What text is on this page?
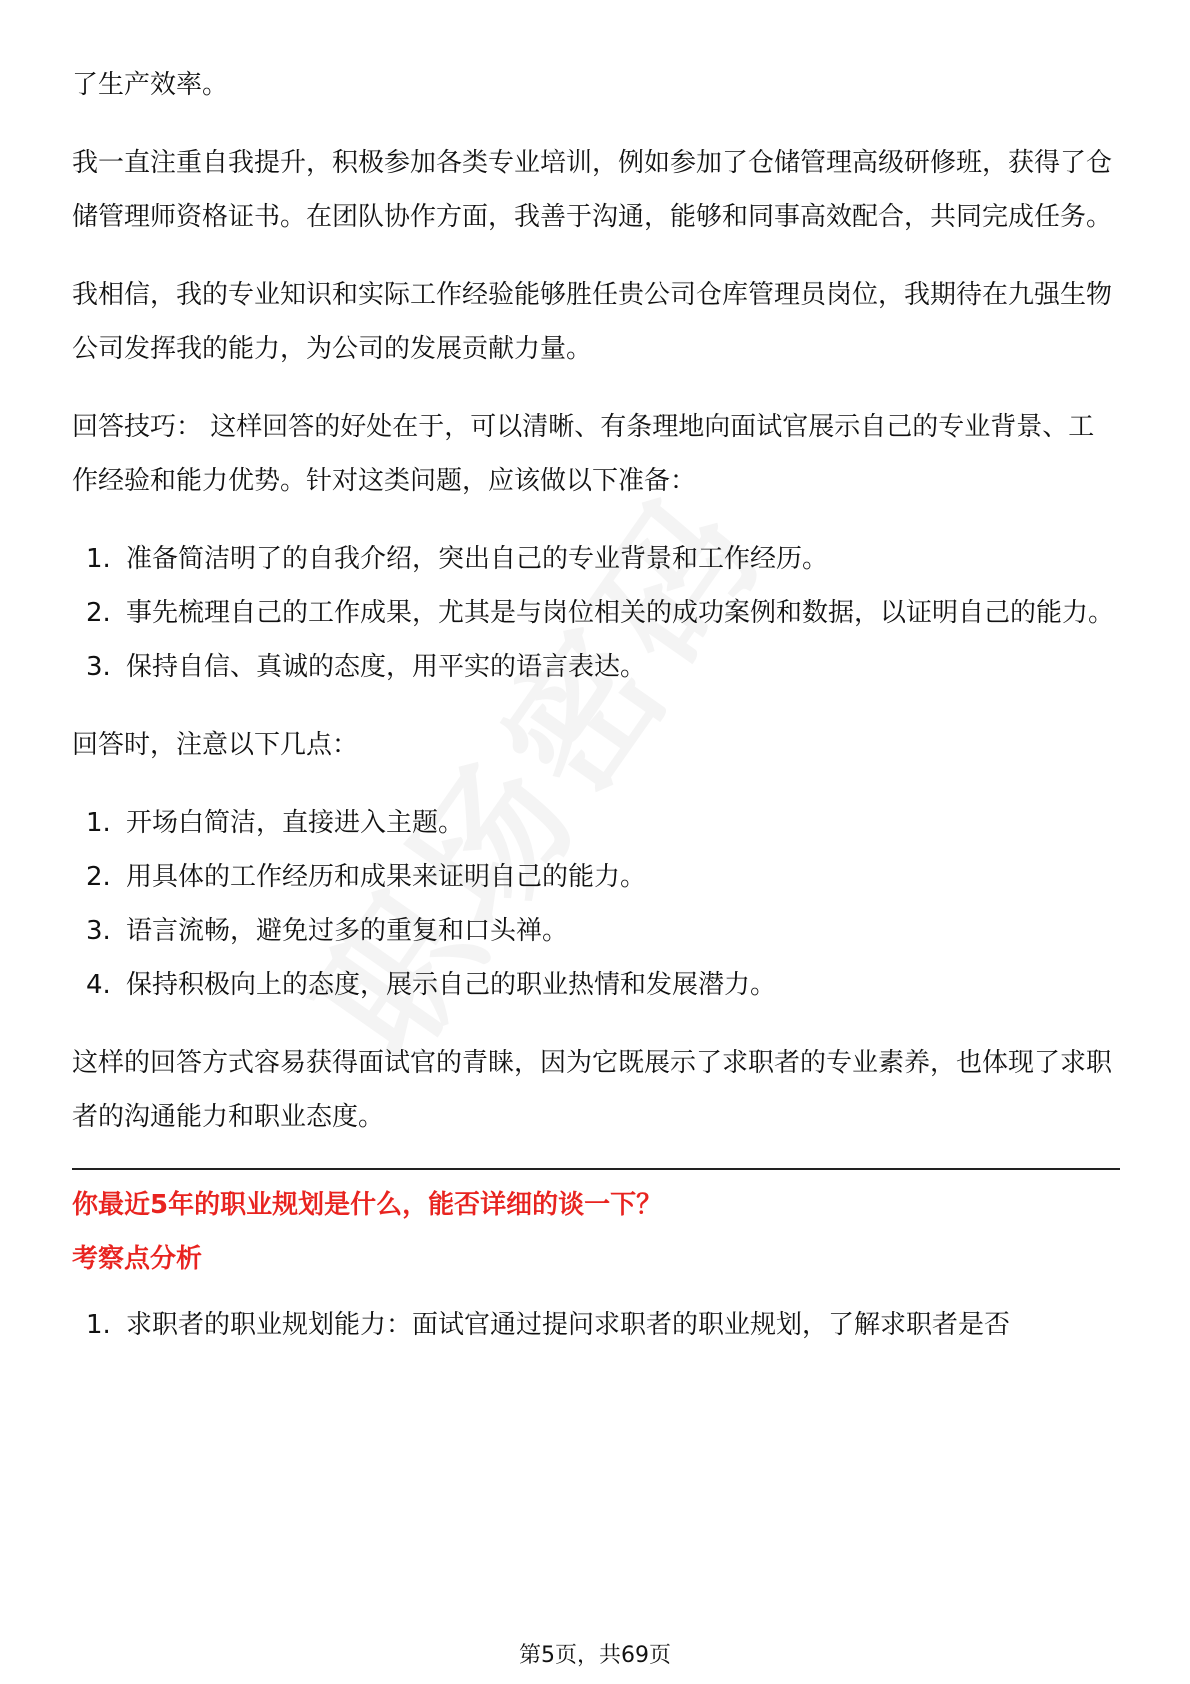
了生产效率。

我一直注重自我提升，积极参加各类专业培训，例如参加了仓储管理高级研修班，获得了仓储管理师资格证书。在团队协作方面，我善于沟通，能够和同事高效配合，共同完成任务。

我相信，我的专业知识和实际工作经验能够胜任贵公司仓库管理员岗位，我期待在九强生物公司发挥我的能力，为公司的发展贡献力量。

回答技巧： 这样回答的好处在于，可以清晰、有条理地向面试官展示自己的专业背景、工作经验和能力优势。针对这类问题，应该做以下准备：

1. 准备简洁明了的自我介绍，突出自己的专业背景和工作经历。
2. 事先梳理自己的工作成果，尤其是与岗位相关的成功案例和数据，以证明自己的能力。
3. 保持自信、真诚的态度，用平实的语言表达。

回答时，注意以下几点：

1. 开场白简洁，直接进入主题。
2. 用具体的工作经历和成果来证明自己的能力。
3. 语言流畅，避免过多的重复和口头禅。
4. 保持积极向上的态度，展示自己的职业热情和发展潜力。

这样的回答方式容易获得面试官的青睐，因为它既展示了求职者的专业素养，也体现了求职者的沟通能力和职业态度。

你最近5年的职业规划是什么，能否详细的谈一下？
考察点分析
1. 求职者的职业规划能力：面试官通过提问求职者的职业规划，了解求职者是否
第5页，共69页
